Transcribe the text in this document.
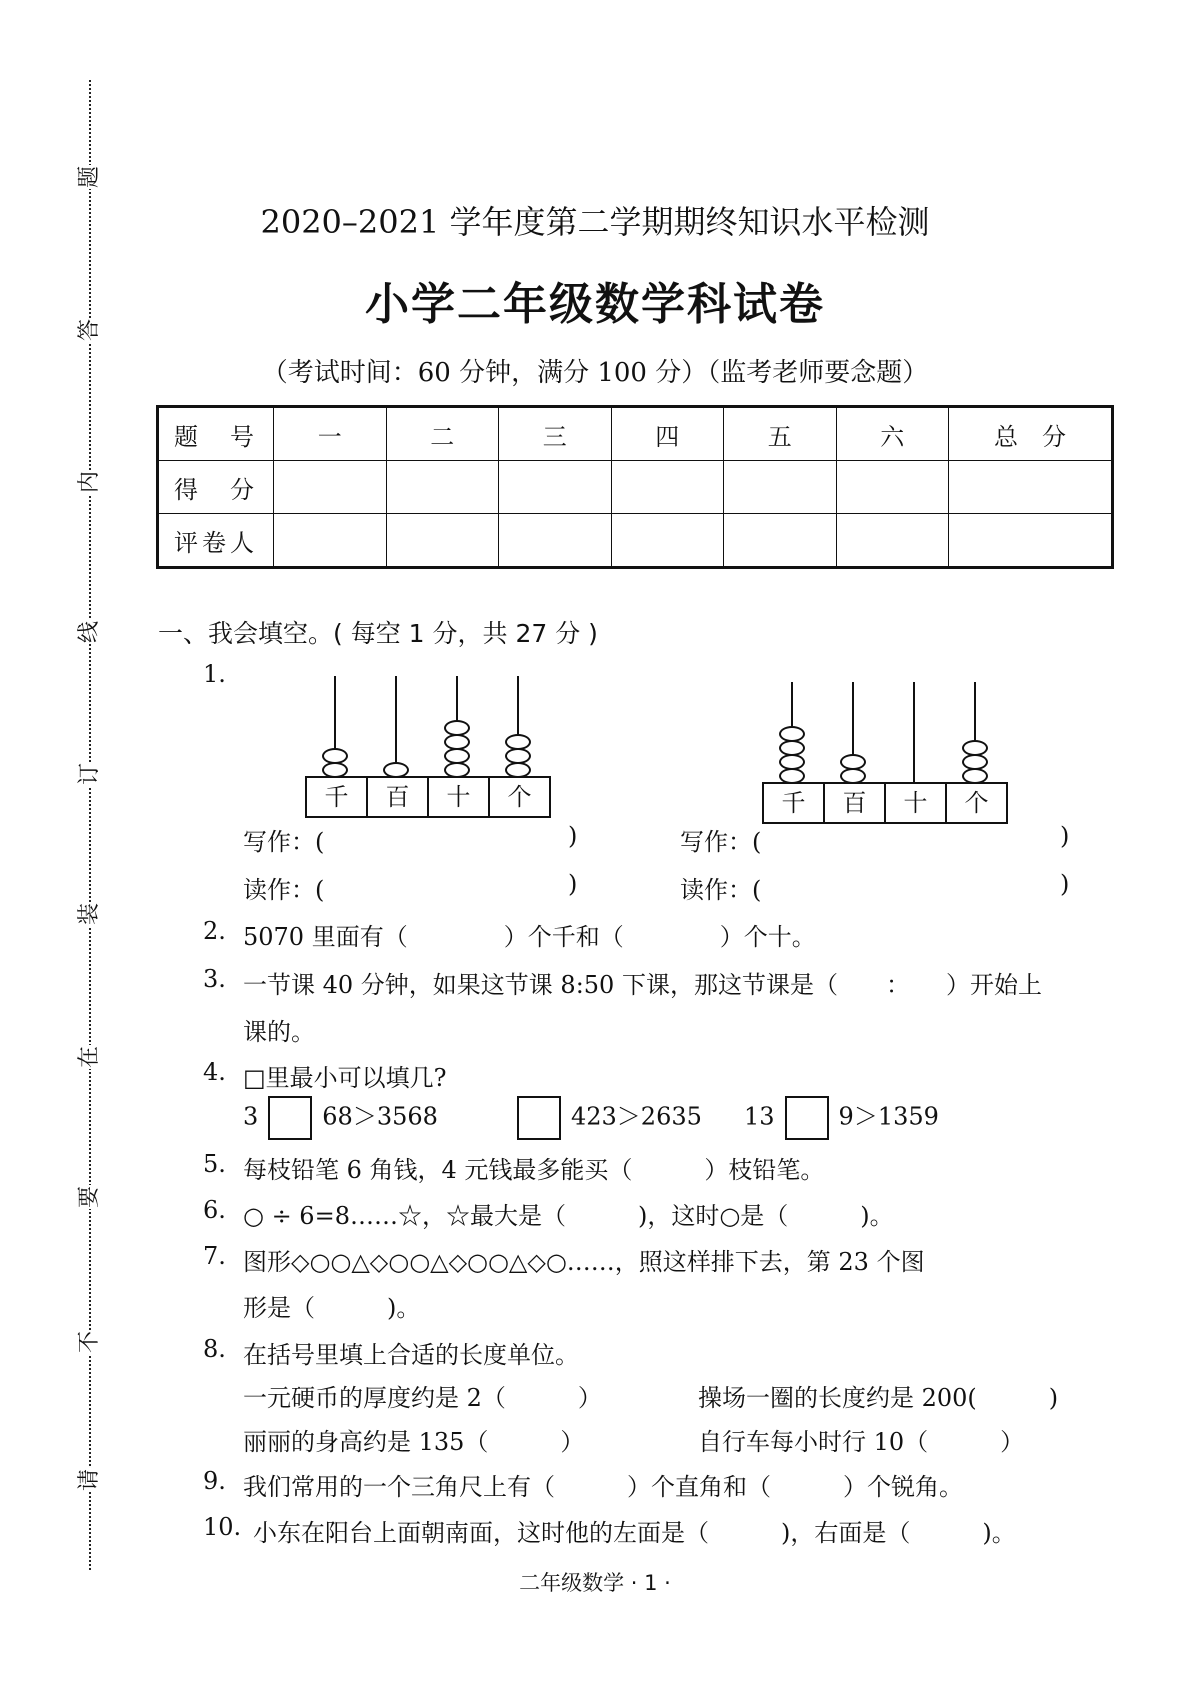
题
答
内
线
订
装
在
要
不
请
2020–2021 学年度第二学期期终知识水平检测
小学二年级数学科试卷
（考试时间：60 分钟，满分 100 分）（监考老师要念题）
题　号	一	二	三	四	五	六	总　分
得　分							
评卷人							
一、我会填空。( 每空 1 分，共 27 分 )
1.
千	百	十	个	千	百	十	个
写作：(	)	写作：(	)
读作：(	)	读作：(	)
2. 5070 里面有（　　　　）个千和（　　　　）个十。
3. 一节课 40 分钟，如果这节课 8:50 下课，那这节课是（　　：　　）开始上
课的。
4. □里最小可以填几?
3	68＞3568	423＞2635 13	9＞1359
5. 每枝铅笔 6 角钱，4 元钱最多能买（　　　）枝铅笔。
6. ○ ÷ 6=8……☆，☆最大是（　　　)，这时○是（　　　)。
7. 图形◇○○△◇○○△◇○○△◇○……，照这样排下去，第 23 个图
形是（　　　)。
8. 在括号里填上合适的长度单位。
一元硬币的厚度约是 2（　　　）	操场一圈的长度约是 200(　　　)
丽丽的身高约是 135（　　　）	自行车每小时行 10（　　　）
9. 我们常用的一个三角尺上有（　　　）个直角和（　　　）个锐角。
10. 小东在阳台上面朝南面，这时他的左面是（　　　)，右面是（　　　)。
二年级数学 · 1 ·
